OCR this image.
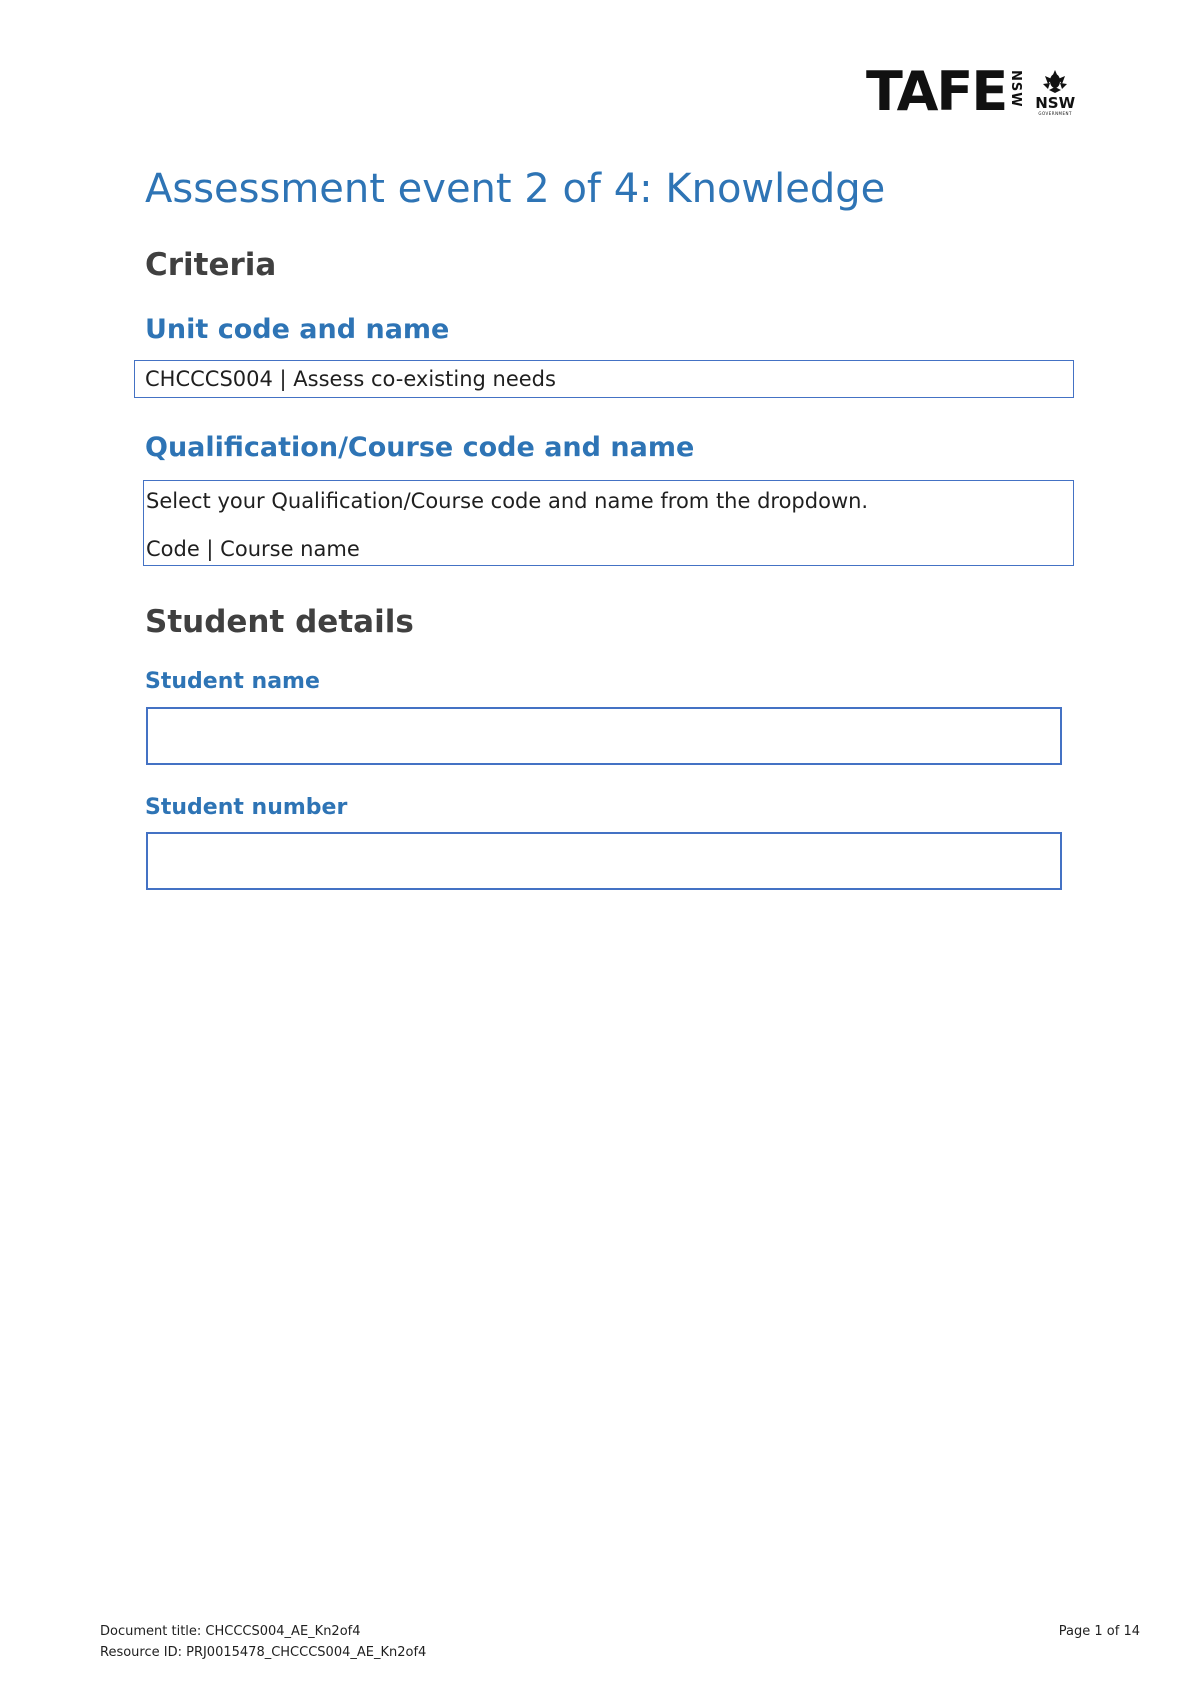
TAFE NSW NSW
GOVERNMENT
Assessment event 2 of 4: Knowledge
Criteria
Unit code and name

CHCCCS004 | Assess co-existing needs

Qualification/Course code and name

Select your Qualification/Course code and name from the dropdown.

Code | Course name

Student details
Student name
Student number
Document title: CHCCCS004_AE_Kn2of4	Page 1 of 14
Resource ID: PRJ0015478_CHCCCS004_AE_Kn2of4
